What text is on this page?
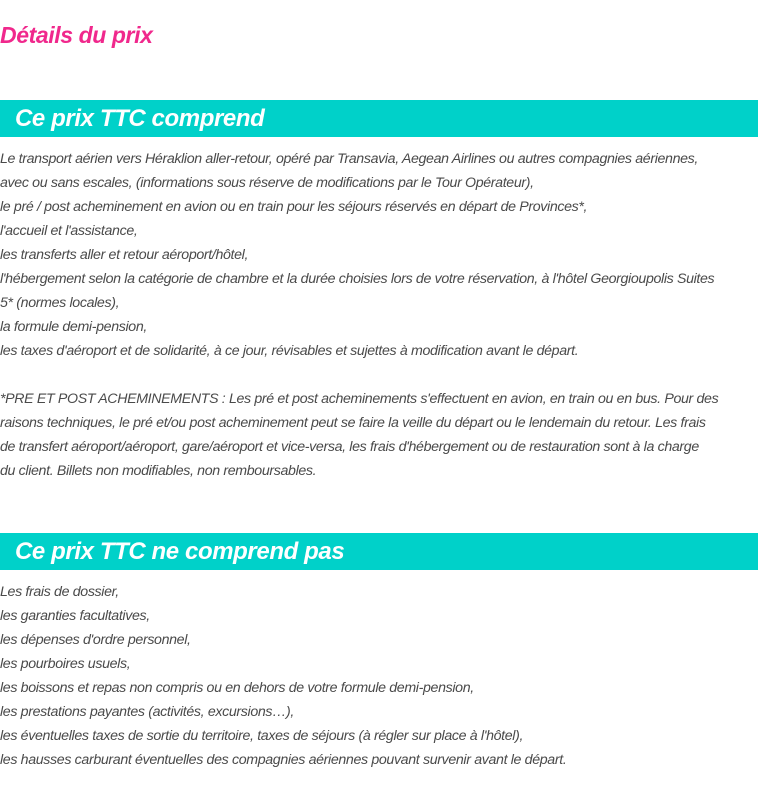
Détails du prix
Ce prix TTC comprend
Le transport aérien vers Héraklion aller-retour, opéré par Transavia, Aegean Airlines ou autres compagnies aériennes,
avec ou sans escales, (informations sous réserve de modifications par le Tour Opérateur),
le pré / post acheminement en avion ou en train pour les séjours réservés en départ de Provinces*,
l'accueil et l'assistance,
les transferts aller et retour aéroport/hôtel,
l'hébergement selon la catégorie de chambre et la durée choisies lors de votre réservation, à l'hôtel Georgioupolis Suites
5* (normes locales),
la formule demi-pension,
les taxes d'aéroport et de solidarité, à ce jour, révisables et sujettes à modification avant le départ.
*PRE ET POST ACHEMINEMENTS : Les pré et post acheminements s'effectuent en avion, en train ou en bus. Pour des
raisons techniques, le pré et/ou post acheminement peut se faire la veille du départ ou le lendemain du retour. Les frais
de transfert aéroport/aéroport, gare/aéroport et vice-versa, les frais d'hébergement ou de restauration sont à la charge
du client. Billets non modifiables, non remboursables.
Ce prix TTC ne comprend pas
Les frais de dossier,
les garanties facultatives,
les dépenses d'ordre personnel,
les pourboires usuels,
les boissons et repas non compris ou en dehors de votre formule demi-pension,
les prestations payantes (activités, excursions…),
les éventuelles taxes de sortie du territoire, taxes de séjours (à régler sur place à l'hôtel),
les hausses carburant éventuelles des compagnies aériennes pouvant survenir avant le départ.
